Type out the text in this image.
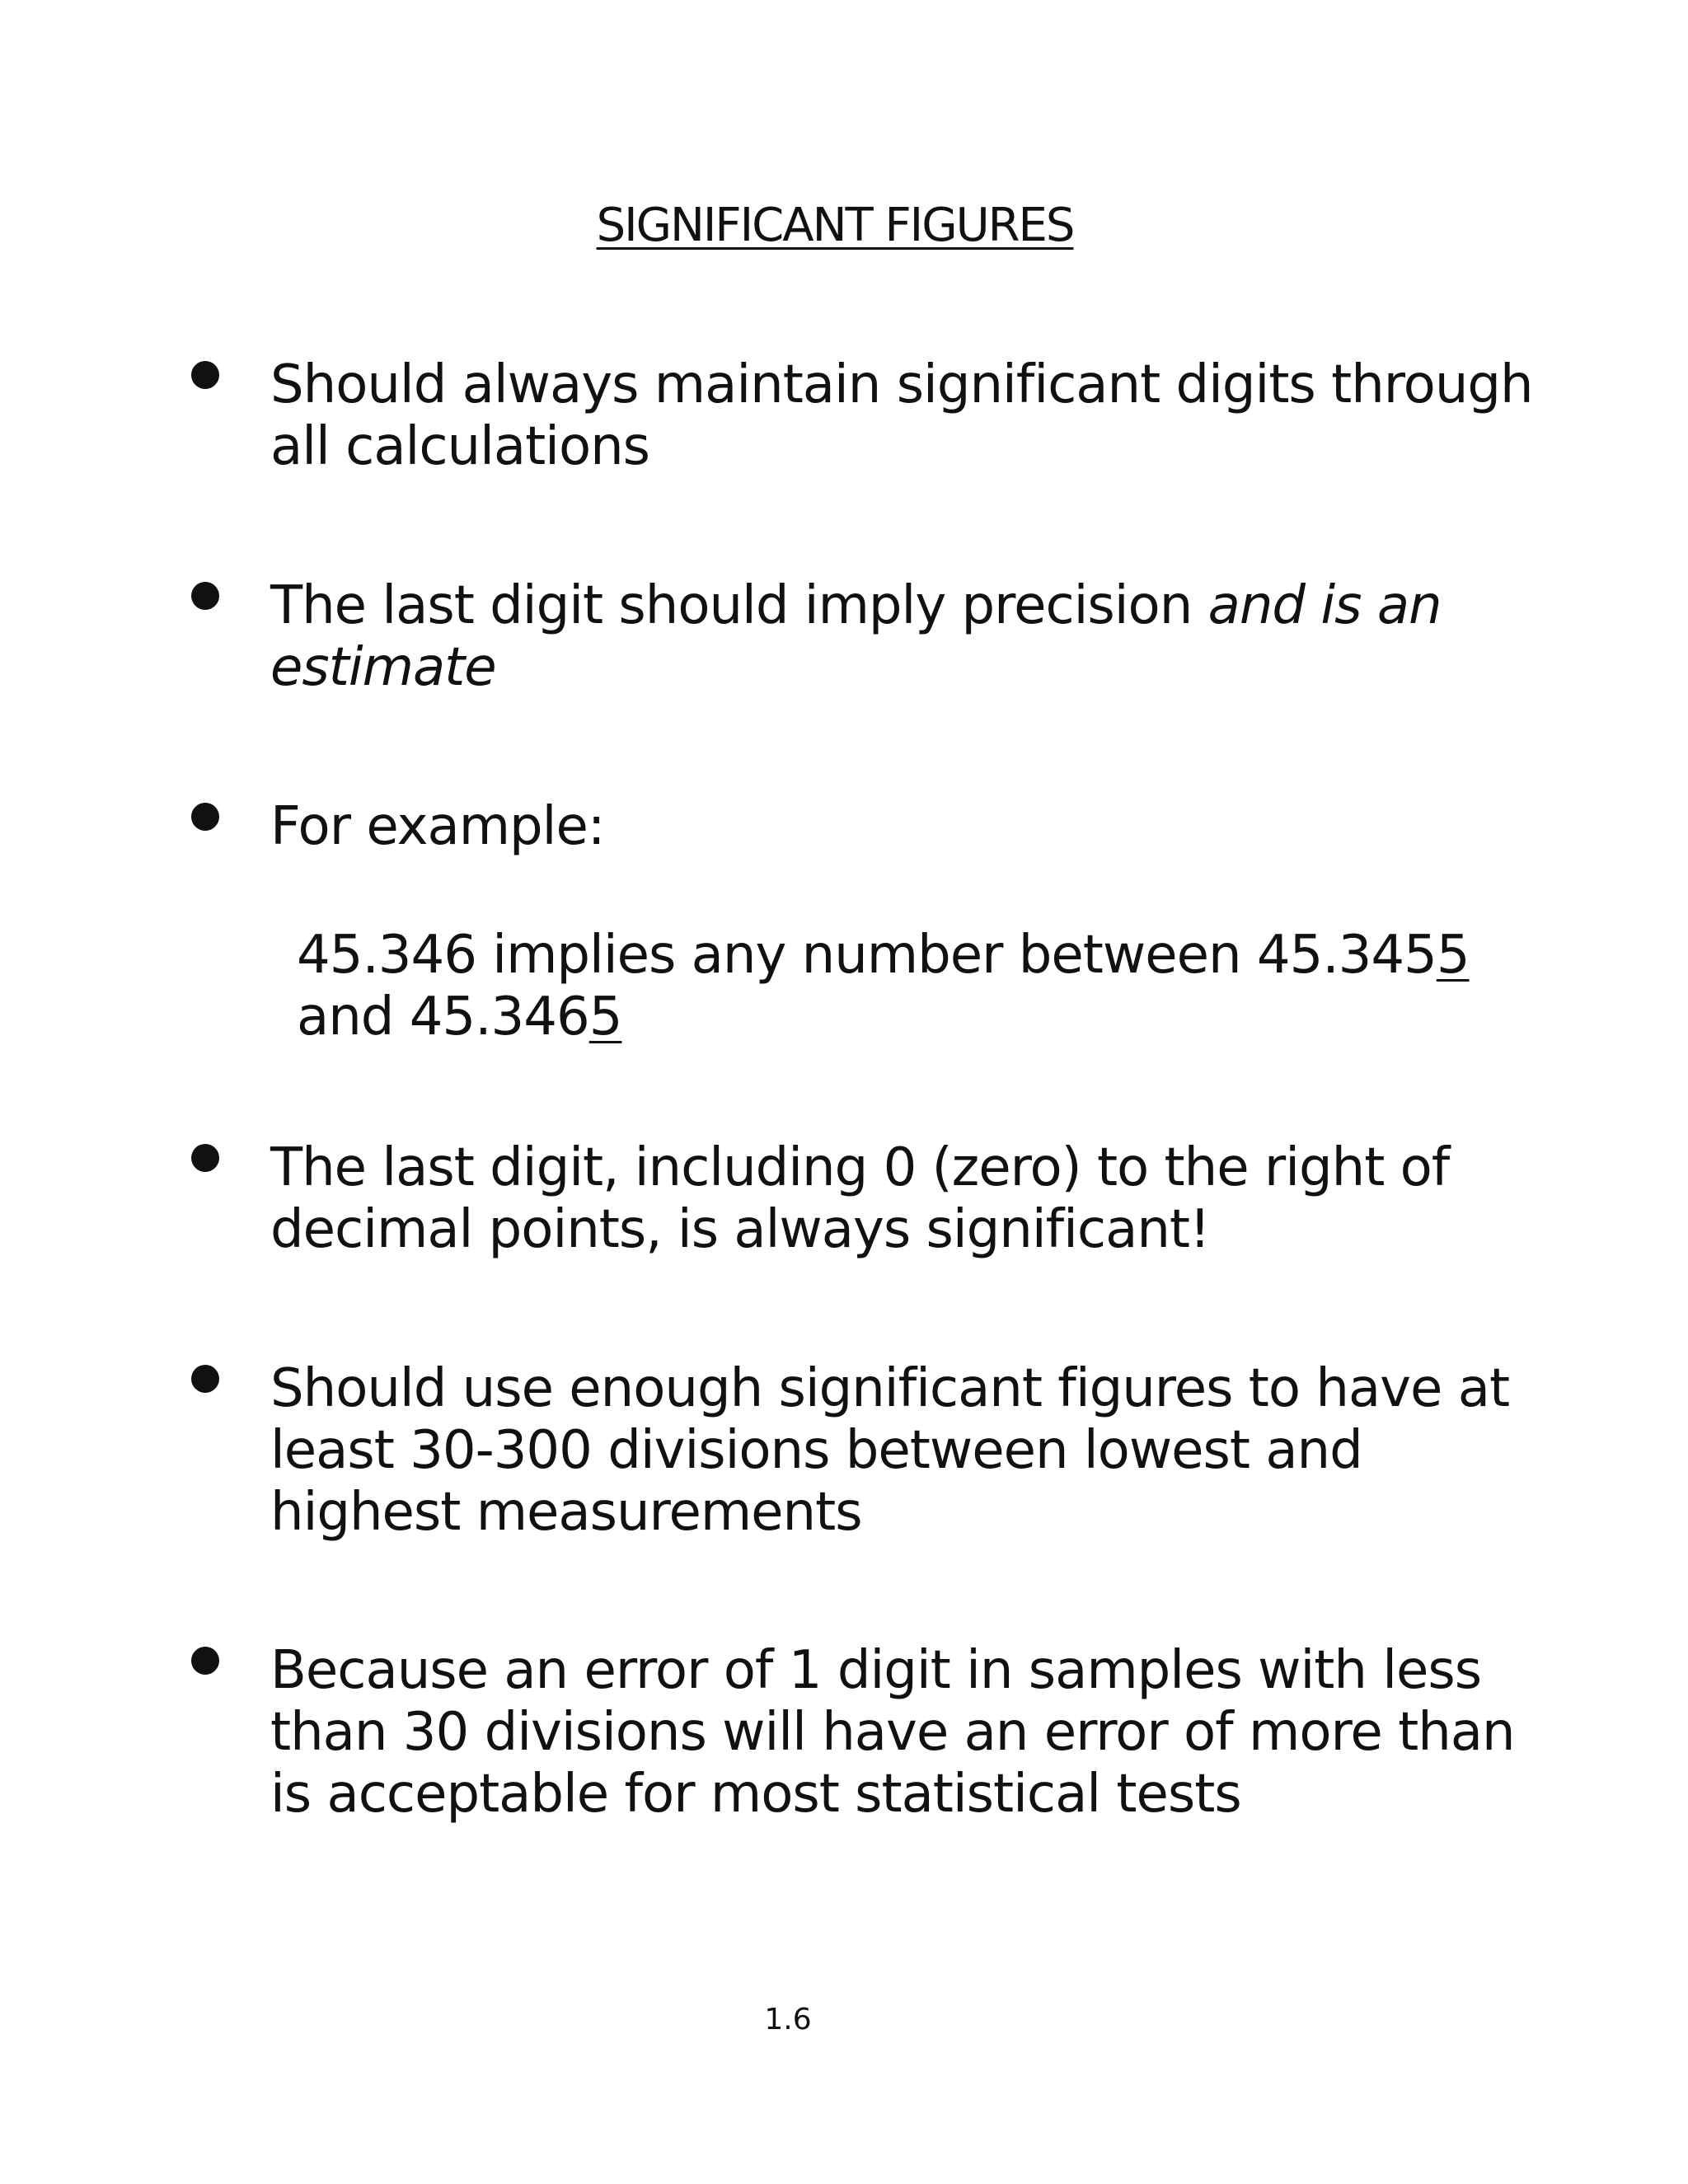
SIGNIFICANT FIGURES
Should always maintain significant digits through
all calculations
The last digit should imply precision and is an
estimate
For example:
45.346 implies any number between 45.3455
and 45.3465
The last digit, including 0 (zero) to the right of
decimal points, is always significant!
Should use enough significant figures to have at
least 30-300 divisions between lowest and
highest measurements
Because an error of 1 digit in samples with less
than 30 divisions will have an error of more than
is acceptable for most statistical tests
1.6
